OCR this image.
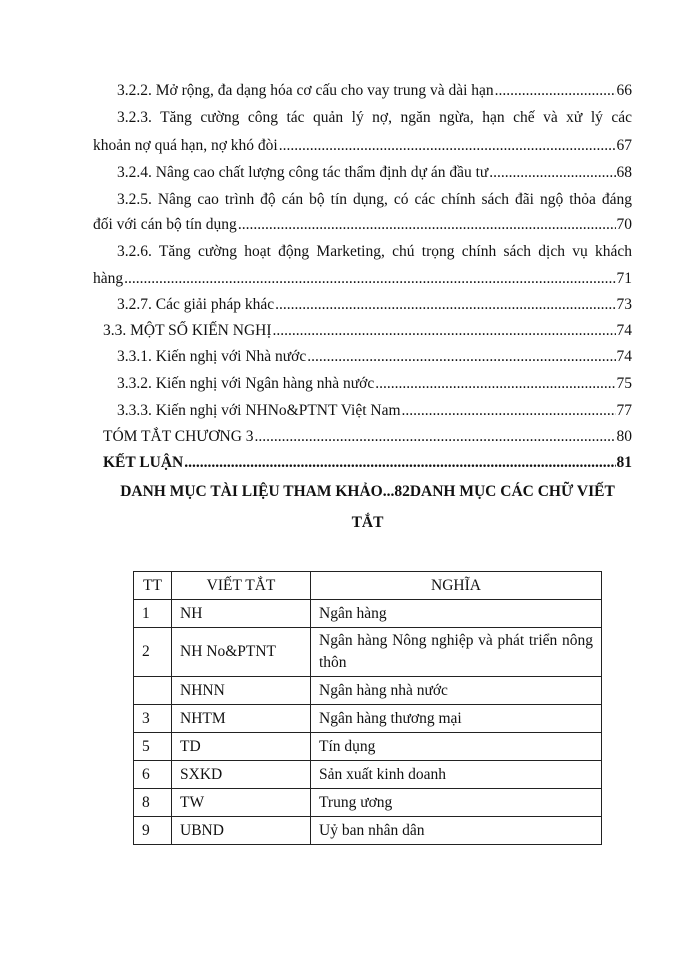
3.2.2. Mở rộng, đa dạng hóa cơ cấu cho vay trung và dài hạn .....	66
3.2.3. Tăng cường công tác quản lý nợ, ngăn ngừa, hạn chế và xử lý các
khoản nợ quá hạn, nợ khó đòi .....	67
3.2.4. Nâng cao chất lượng công tác thẩm định dự án đầu tư .....	68
3.2.5. Nâng cao trình độ cán bộ tín dụng, có các chính sách đãi ngộ thỏa đáng
đối với cán bộ tín dụng .....	70
3.2.6. Tăng cường hoạt động Marketing, chú trọng chính sách dịch vụ khách
hàng .....	71
3.2.7. Các giải pháp khác .....	73
3.3. MỘT SỐ KIẾN NGHỊ .....	74
3.3.1. Kiến nghị với Nhà nước .....	74
3.3.2. Kiến nghị với Ngân hàng nhà nước .....	75
3.3.3. Kiến nghị với NHNo&PTNT Việt Nam .....	77
TÓM TẮT CHƯƠNG 3 .....	80
KẾT LUẬN .....	81
DANH MỤC TÀI LIỆU THAM KHẢO...82DANH MỤC CÁC CHỮ VIẾT
TẮT
TT	VIẾT TẮT	NGHĨA
1	NH	Ngân hàng
2	NH No&PTNT	Ngân hàng Nông nghiệp và phát triển nông thôn
	NHNN	Ngân hàng nhà nước
3	NHTM	Ngân hàng thương mại
5	TD	Tín dụng
6	SXKD	Sản xuất kinh doanh
8	TW	Trung ương
9	UBND	Uỷ ban nhân dân
